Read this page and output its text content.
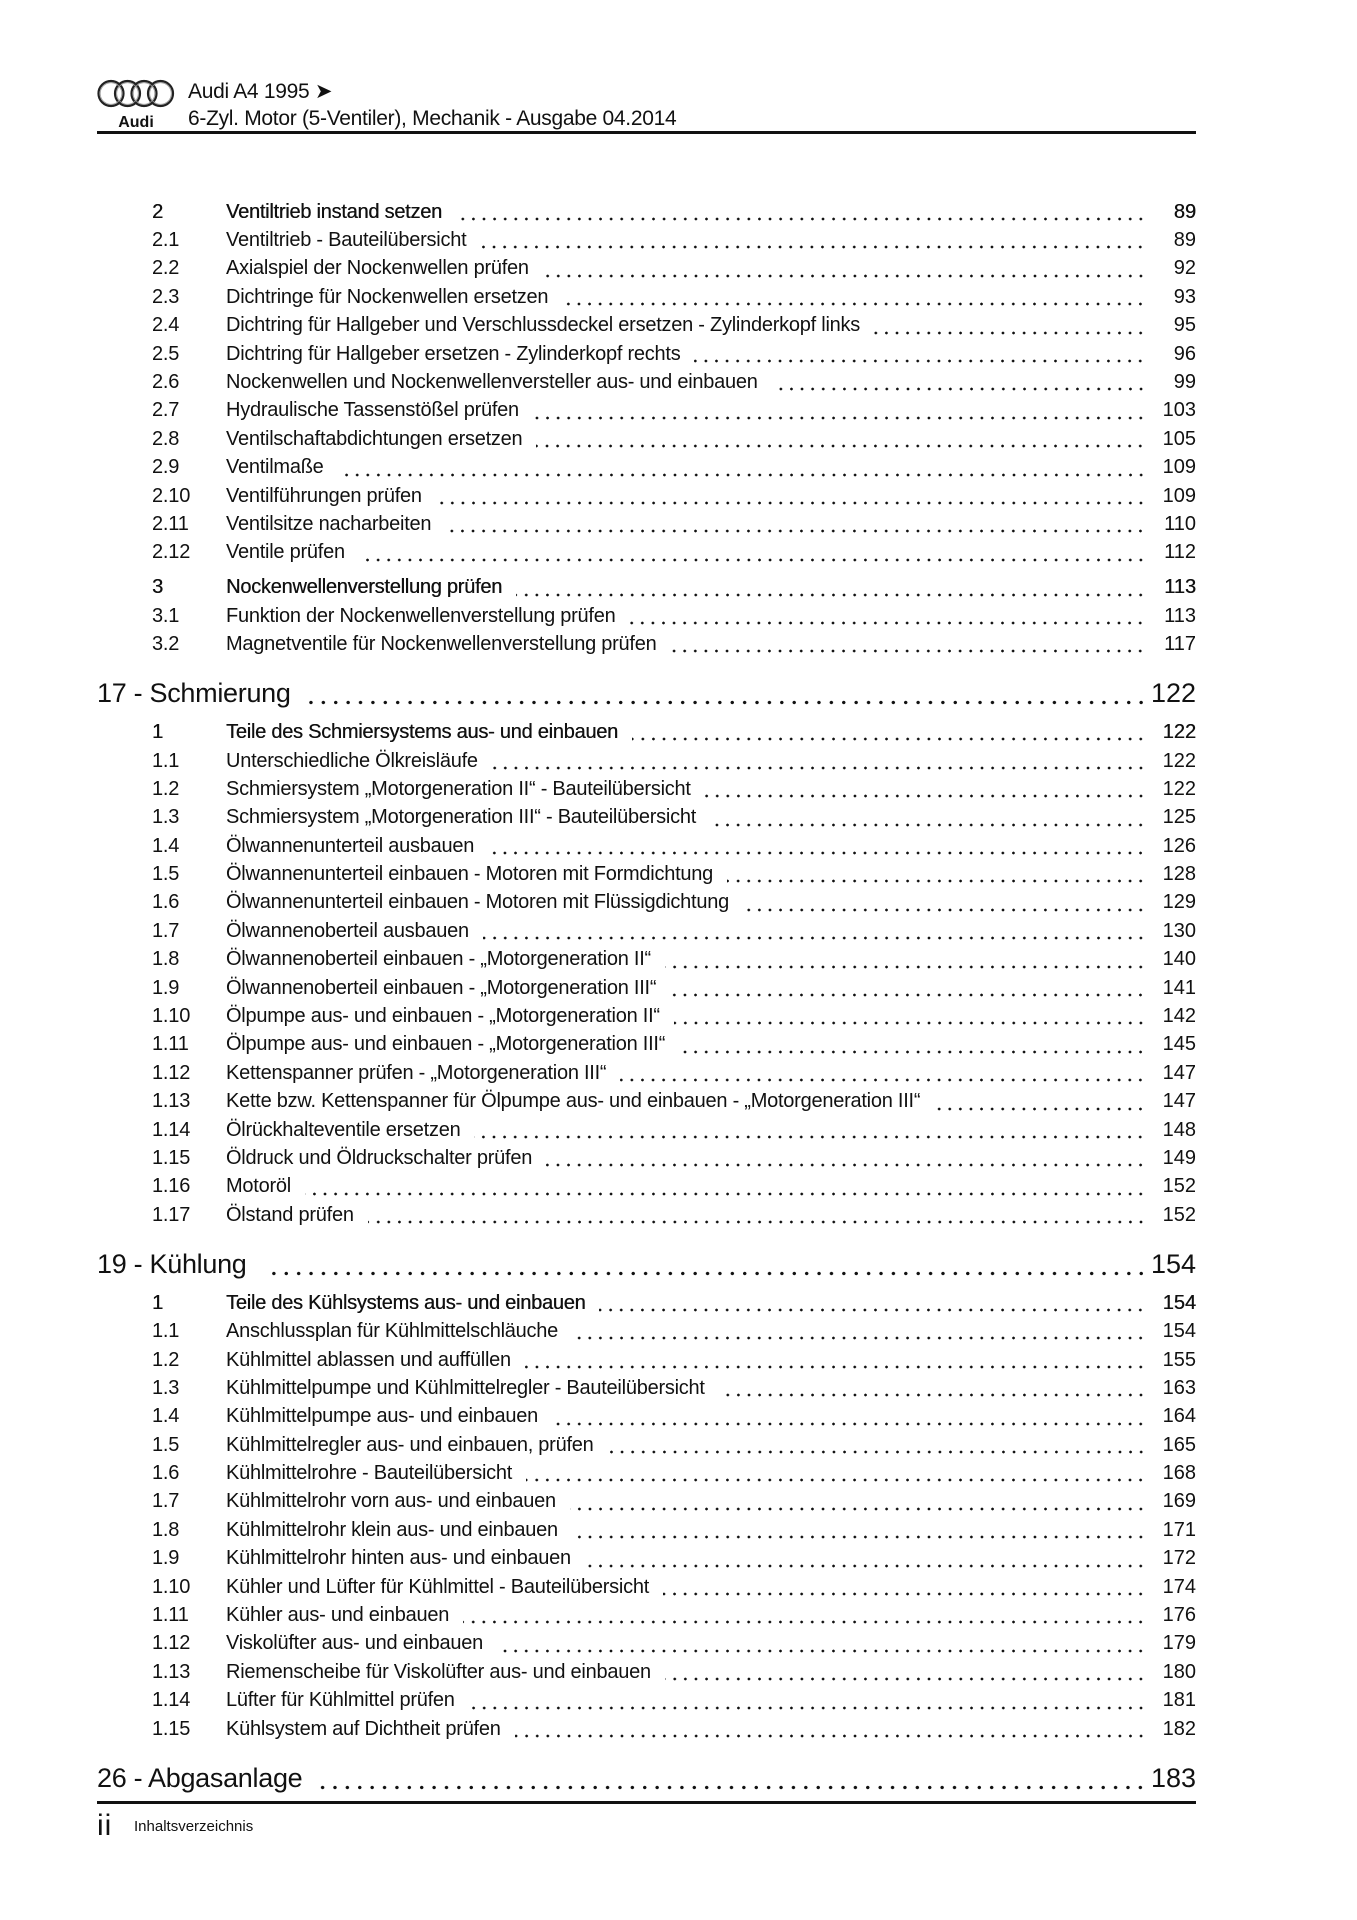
Audi
Audi A4 1995 ➤
6-Zyl. Motor (5-Ventiler), Mechanik - Ausgabe 04.2014
2	Ventiltrieb instand setzen	89
2.1	Ventiltrieb - Bauteilübersicht	89
2.2	Axialspiel der Nockenwellen prüfen	92
2.3	Dichtringe für Nockenwellen ersetzen	93
2.4	Dichtring für Hallgeber und Verschlussdeckel ersetzen - Zylinderkopf links	95
2.5	Dichtring für Hallgeber ersetzen - Zylinderkopf rechts	96
2.6	Nockenwellen und Nockenwellenversteller aus- und einbauen	99
2.7	Hydraulische Tassenstößel prüfen	103
2.8	Ventilschaftabdichtungen ersetzen	105
2.9	Ventilmaße	109
2.10	Ventilführungen prüfen	109
2.11	Ventilsitze nacharbeiten	110
2.12	Ventile prüfen	112
3	Nockenwellenverstellung prüfen	113
3.1	Funktion der Nockenwellenverstellung prüfen	113
3.2	Magnetventile für Nockenwellenverstellung prüfen	117
17 - Schmierung	122
1	Teile des Schmiersystems aus- und einbauen	122
1.1	Unterschiedliche Ölkreisläufe	122
1.2	Schmiersystem „Motorgeneration II“ - Bauteilübersicht	122
1.3	Schmiersystem „Motorgeneration III“ - Bauteilübersicht	125
1.4	Ölwannenunterteil ausbauen	126
1.5	Ölwannenunterteil einbauen - Motoren mit Formdichtung	128
1.6	Ölwannenunterteil einbauen - Motoren mit Flüssigdichtung	129
1.7	Ölwannenoberteil ausbauen	130
1.8	Ölwannenoberteil einbauen - „Motorgeneration II“	140
1.9	Ölwannenoberteil einbauen - „Motorgeneration III“	141
1.10	Ölpumpe aus- und einbauen - „Motorgeneration II“	142
1.11	Ölpumpe aus- und einbauen - „Motorgeneration III“	145
1.12	Kettenspanner prüfen - „Motorgeneration III“	147
1.13	Kette bzw. Kettenspanner für Ölpumpe aus- und einbauen - „Motorgeneration III“	147
1.14	Ölrückhalteventile ersetzen	148
1.15	Öldruck und Öldruckschalter prüfen	149
1.16	Motoröl	152
1.17	Ölstand prüfen	152
19 - Kühlung	154
1	Teile des Kühlsystems aus- und einbauen	154
1.1	Anschlussplan für Kühlmittelschläuche	154
1.2	Kühlmittel ablassen und auffüllen	155
1.3	Kühlmittelpumpe und Kühlmittelregler - Bauteilübersicht	163
1.4	Kühlmittelpumpe aus- und einbauen	164
1.5	Kühlmittelregler aus- und einbauen, prüfen	165
1.6	Kühlmittelrohre - Bauteilübersicht	168
1.7	Kühlmittelrohr vorn aus- und einbauen	169
1.8	Kühlmittelrohr klein aus- und einbauen	171
1.9	Kühlmittelrohr hinten aus- und einbauen	172
1.10	Kühler und Lüfter für Kühlmittel - Bauteilübersicht	174
1.11	Kühler aus- und einbauen	176
1.12	Viskolüfter aus- und einbauen	179
1.13	Riemenscheibe für Viskolüfter aus- und einbauen	180
1.14	Lüfter für Kühlmittel prüfen	181
1.15	Kühlsystem auf Dichtheit prüfen	182
26 - Abgasanlage	183
ii Inhaltsverzeichnis
